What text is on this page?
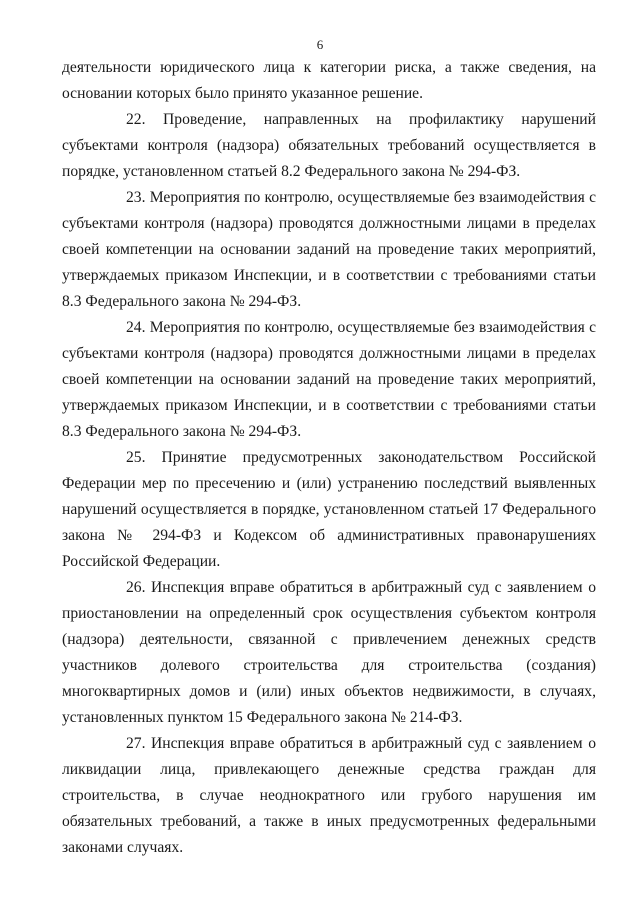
6

деятельности юридического лица к категории риска, а также сведения, на основании которых было принято указанное решение.

22. Проведение, направленных на профилактику нарушений субъектами контроля (надзора) обязательных требований осуществляется в порядке, установленном статьей 8.2 Федерального закона № 294-ФЗ.

23. Мероприятия по контролю, осуществляемые без взаимодействия с субъектами контроля (надзора) проводятся должностными лицами в пределах своей компетенции на основании заданий на проведение таких мероприятий, утверждаемых приказом Инспекции, и в соответствии с требованиями статьи 8.3 Федерального закона № 294-ФЗ.

24. Мероприятия по контролю, осуществляемые без взаимодействия с субъектами контроля (надзора) проводятся должностными лицами в пределах своей компетенции на основании заданий на проведение таких мероприятий, утверждаемых приказом Инспекции, и в соответствии с требованиями статьи 8.3 Федерального закона № 294-ФЗ.

25. Принятие предусмотренных законодательством Российской Федерации мер по пресечению и (или) устранению последствий выявленных нарушений осуществляется в порядке, установленном статьей 17 Федерального закона № 294-ФЗ и Кодексом об административных правонарушениях Российской Федерации.

26. Инспекция вправе обратиться в арбитражный суд с заявлением о приостановлении на определенный срок осуществления субъектом контроля (надзора) деятельности, связанной с привлечением денежных средств участников долевого строительства для строительства (создания) многоквартирных домов и (или) иных объектов недвижимости, в случаях, установленных пунктом 15 Федерального закона № 214-ФЗ.

27. Инспекция вправе обратиться в арбитражный суд с заявлением о ликвидации лица, привлекающего денежные средства граждан для строительства, в случае неоднократного или грубого нарушения им обязательных требований, а также в иных предусмотренных федеральными законами случаях.
